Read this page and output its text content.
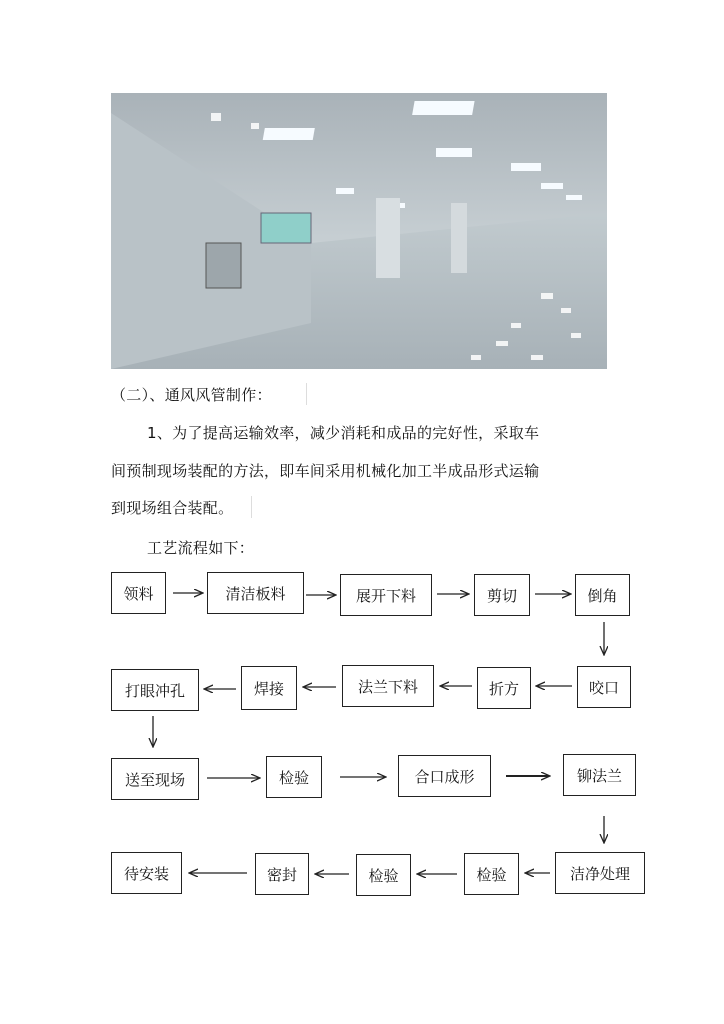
（二）、通风风管制作：
1、为了提高运输效率，减少消耗和成品的完好性，采取车
间预制现场装配的方法，即车间采用机械化加工半成品形式运输
到现场组合装配。
工艺流程如下：
领料	清洁板料	展开下料	剪切	倒角
咬口
折方
法兰下料
焊接
打眼冲孔
送至现场	检验	合口成形	铆法兰
洁净处理
检验
检验
密封
待安装
